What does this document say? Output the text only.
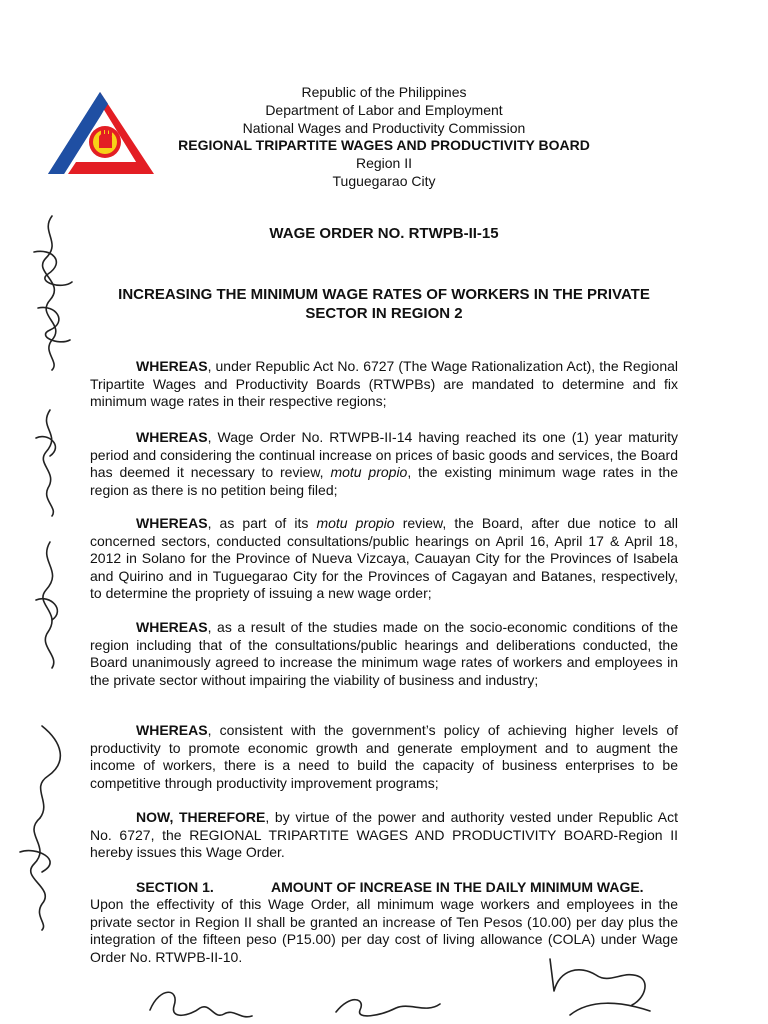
Republic of the Philippines
Department of Labor and Employment
National Wages and Productivity Commission
REGIONAL TRIPARTITE WAGES AND PRODUCTIVITY BOARD
Region II
Tuguegarao City
WAGE ORDER NO. RTWPB-II-15
INCREASING THE MINIMUM WAGE RATES OF WORKERS IN THE PRIVATE SECTOR IN REGION 2

WHEREAS, under Republic Act No. 6727 (The Wage Rationalization Act), the Regional Tripartite Wages and Productivity Boards (RTWPBs) are mandated to determine and fix minimum wage rates in their respective regions;

WHEREAS, Wage Order No. RTWPB-II-14 having reached its one (1) year maturity period and considering the continual increase on prices of basic goods and services, the Board has deemed it necessary to review, motu propio, the existing minimum wage rates in the region as there is no petition being filed;

WHEREAS, as part of its motu propio review, the Board, after due notice to all concerned sectors, conducted consultations/public hearings on April 16, April 17 & April 18, 2012 in Solano for the Province of Nueva Vizcaya, Cauayan City for the Provinces of Isabela and Quirino and in Tuguegarao City for the Provinces of Cagayan and Batanes, respectively, to determine the propriety of issuing a new wage order;

WHEREAS, as a result of the studies made on the socio-economic conditions of the region including that of the consultations/public hearings and deliberations conducted, the Board unanimously agreed to increase the minimum wage rates of workers and employees in the private sector without impairing the viability of business and industry;

WHEREAS, consistent with the government’s policy of achieving higher levels of productivity to promote economic growth and generate employment and to augment the income of workers, there is a need to build the capacity of business enterprises to be competitive through productivity improvement programs;

NOW, THEREFORE, by virtue of the power and authority vested under Republic Act No. 6727, the REGIONAL TRIPARTITE WAGES AND PRODUCTIVITY BOARD-Region II hereby issues this Wage Order.

SECTION 1.	AMOUNT OF INCREASE IN THE DAILY MINIMUM WAGE.

Upon the effectivity of this Wage Order, all minimum wage workers and employees in the private sector in Region II shall be granted an increase of Ten Pesos (10.00) per day plus the integration of the fifteen peso (P15.00) per day cost of living allowance (COLA) under Wage Order No. RTWPB-II-10.
